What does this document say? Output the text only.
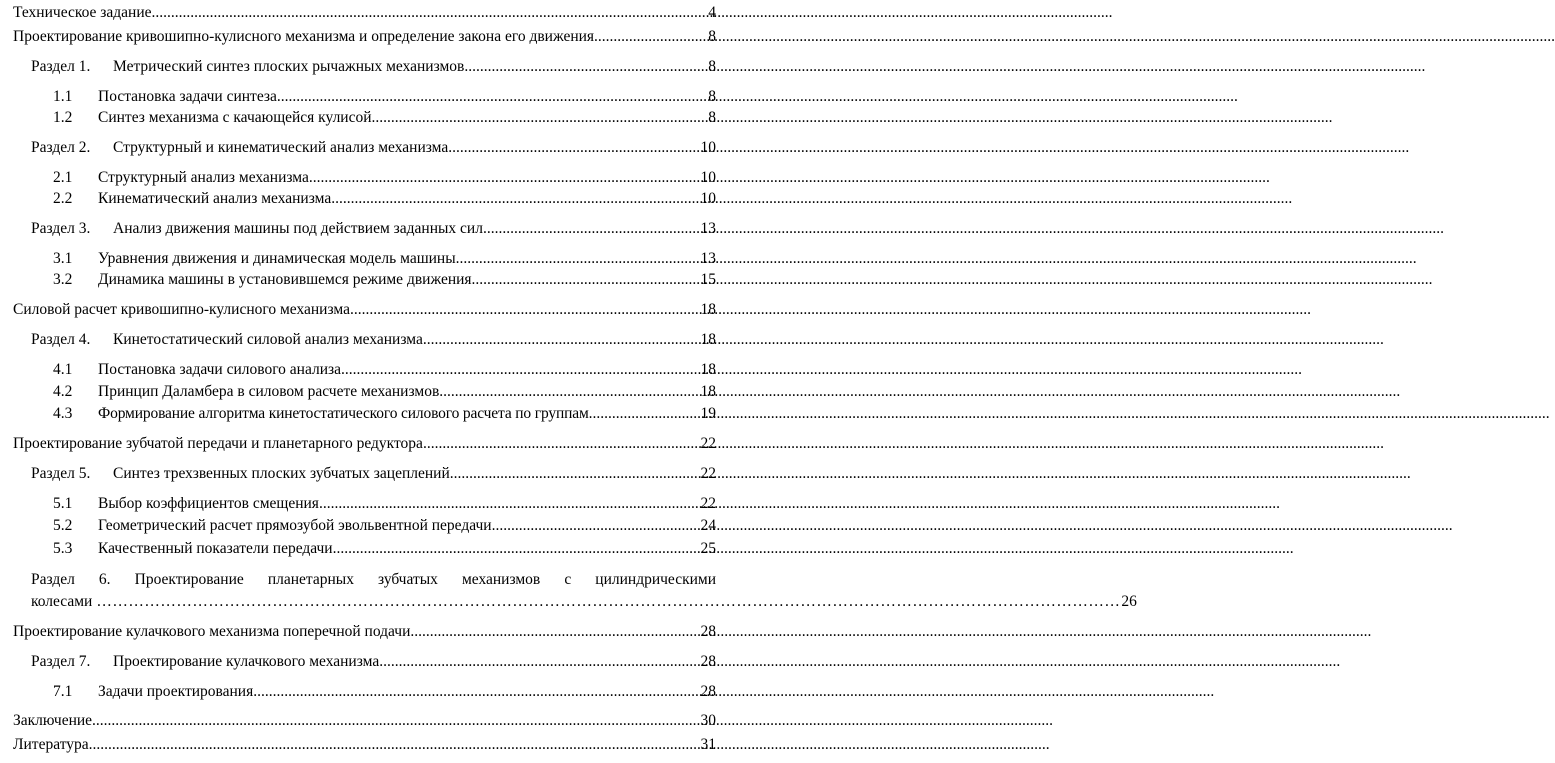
Техническое задание .....	4
Проектирование кривошипно-кулисного механизма и определение закона его движения .....	8
Раздел 1.	Метрический синтез плоских рычажных механизмов .....	8
1.1	Постановка задачи синтеза .....	8
1.2	Синтез механизма с качающейся кулисой .....	8
Раздел 2.	Структурный и кинематический анализ механизма .....	10
2.1	Структурный анализ механизма .....	10
2.2	Кинематический анализ механизма .....	10
Раздел 3.	Анализ движения машины под действием заданных сил .....	13
3.1	Уравнения движения и динамическая модель машины .....	13
3.2	Динамика машины в установившемся режиме движения .....	15
Силовой расчет кривошипно-кулисного механизма .....	18
Раздел 4.	Кинетостатический силовой анализ механизма .....	18
4.1	Постановка задачи силового анализа .....	18
4.2	Принцип Даламбера в силовом расчете механизмов .....	18
4.3	Формирование алгоритма кинетостатического силового расчета по группам .....	19
Проектирование зубчатой передачи и планетарного редуктора .....	22
Раздел 5.	Синтез трехзвенных плоских зубчатых зацеплений .....	22
5.1	Выбор коэффициентов смещения .....	22
5.2	Геометрический расчет прямозубой эвольвентной передачи .....	24
5.3	Качественный показатели передачи .....	25
Раздел 6. Проектирование планетарных зубчатых механизмов с цилиндрическими
колесами …………………………………………………………………………………………………………………………………………………………………………	26
Проектирование кулачкового механизма поперечной подачи .....	28
Раздел 7.	Проектирование кулачкового механизма .....	28
7.1	Задачи проектирования .....	28
Заключение .....	30
Литература .....	31
